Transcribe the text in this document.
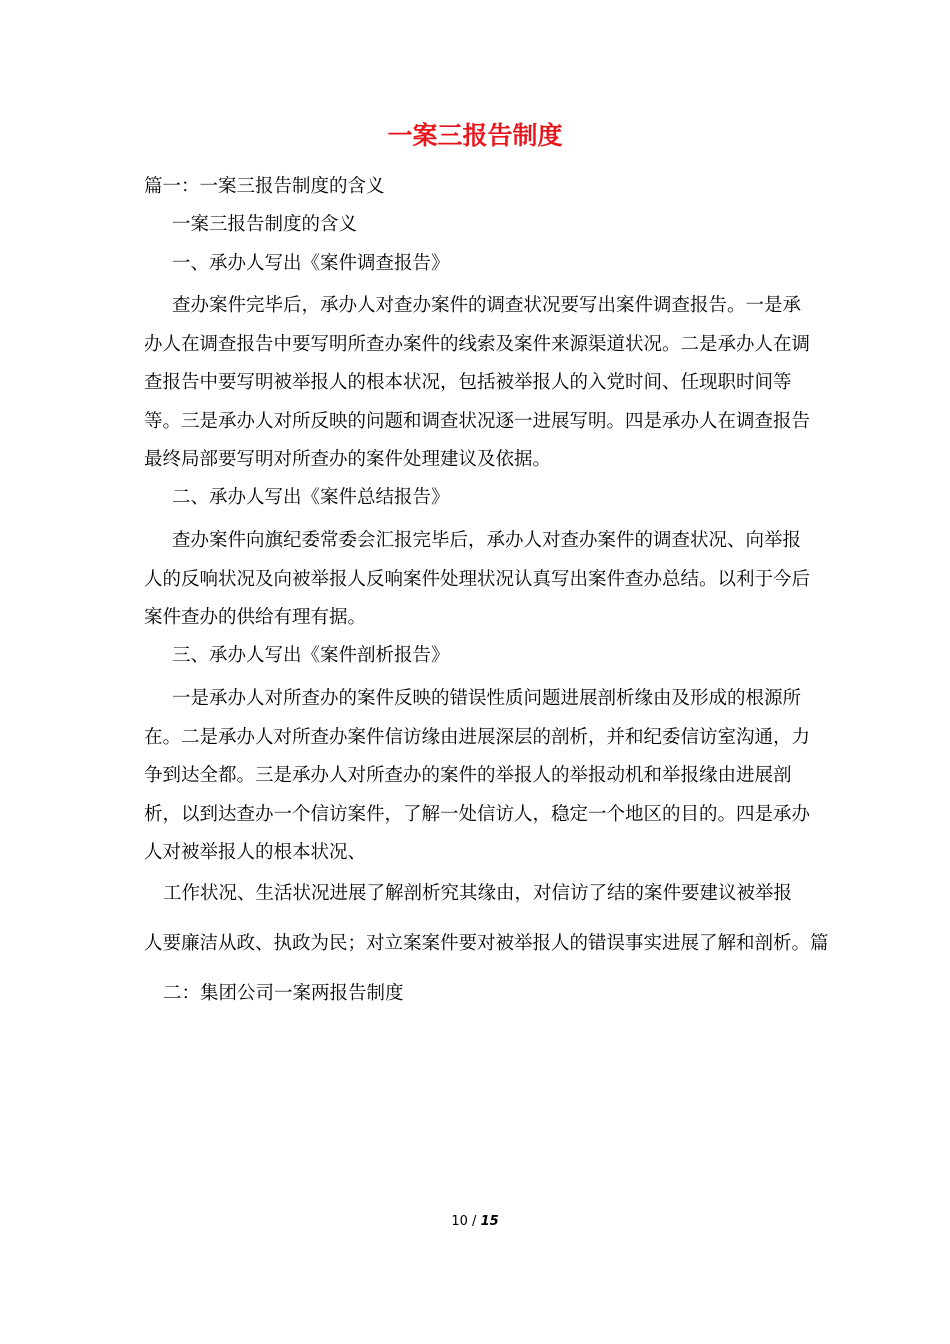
一案三报告制度

篇一：一案三报告制度的含义

一案三报告制度的含义

一、承办人写出《案件调查报告》

查办案件完毕后，承办人对查办案件的调查状况要写出案件调查报告。一是承办人在调查报告中要写明所查办案件的线索及案件来源渠道状况。二是承办人在调查报告中要写明被举报人的根本状况，包括被举报人的入党时间、任现职时间等等。三是承办人对所反映的问题和调查状况逐一进展写明。四是承办人在调查报告最终局部要写明对所查办的案件处理建议及依据。

二、承办人写出《案件总结报告》

查办案件向旗纪委常委会汇报完毕后，承办人对查办案件的调查状况、向举报人的反响状况及向被举报人反响案件处理状况认真写出案件查办总结。以利于今后案件查办的供给有理有据。

三、承办人写出《案件剖析报告》

一是承办人对所查办的案件反映的错误性质问题进展剖析缘由及形成的根源所在。二是承办人对所查办案件信访缘由进展深层的剖析，并和纪委信访室沟通，力争到达全都。三是承办人对所查办的案件的举报人的举报动机和举报缘由进展剖析，以到达查办一个信访案件，了解一处信访人，稳定一个地区的目的。四是承办人对被举报人的根本状况、

工作状况、生活状况进展了解剖析究其缘由，对信访了结的案件要建议被举报

人要廉洁从政、执政为民；对立案案件要对被举报人的错误事实进展了解和剖析。篇

二：集团公司一案两报告制度

10 / 15
